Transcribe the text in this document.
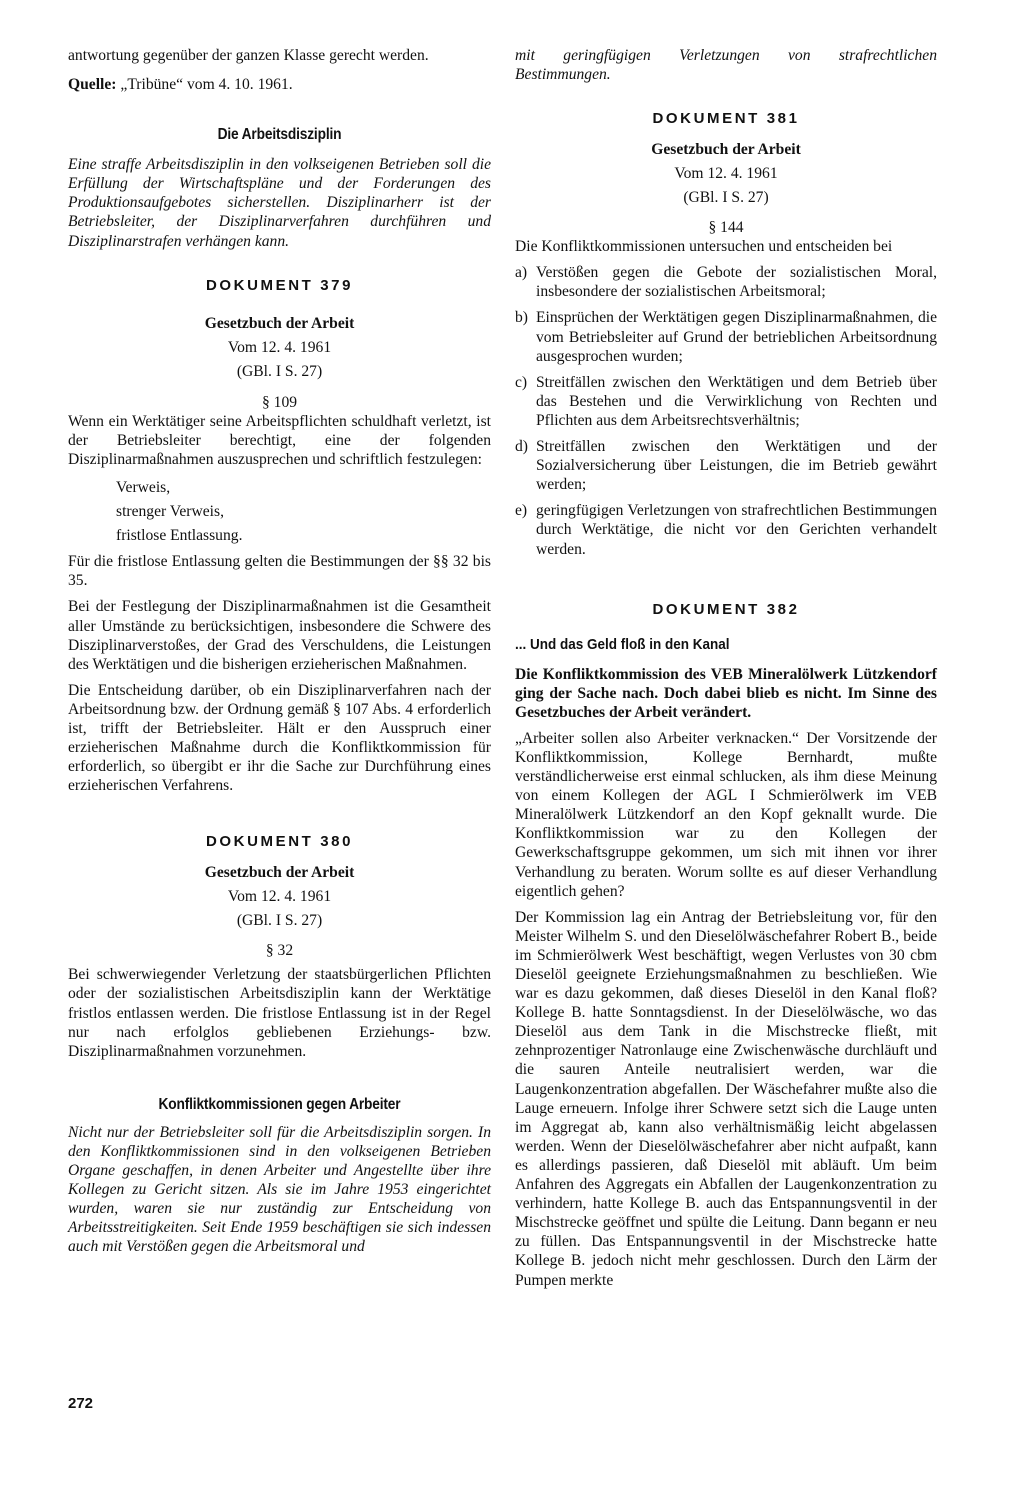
antwortung gegenüber der ganzen Klasse gerecht werden.

Quelle: „Tribüne“ vom 4. 10. 1961.

Die Arbeitsdisziplin

Eine straffe Arbeitsdisziplin in den volkseigenen Betrieben soll die Erfüllung der Wirtschaftspläne und der Forderungen des Produktionsaufgebotes sicherstellen. Disziplinarherr ist der Betriebsleiter, der Disziplinarverfahren durchführen und Disziplinarstrafen verhängen kann.

DOKUMENT 379

Gesetzbuch der Arbeit

Vom 12. 4. 1961

(GBl. I S. 27)

§ 109

Wenn ein Werktätiger seine Arbeitspflichten schuldhaft verletzt, ist der Betriebsleiter berechtigt, eine der folgenden Disziplinarmaßnahmen auszusprechen und schriftlich festzulegen:

Verweis,

strenger Verweis,

fristlose Entlassung.

Für die fristlose Entlassung gelten die Bestimmungen der §§ 32 bis 35.

Bei der Festlegung der Disziplinarmaßnahmen ist die Gesamtheit aller Umstände zu berücksichtigen, insbesondere die Schwere des Disziplinarverstoßes, der Grad des Verschuldens, die Leistungen des Werktätigen und die bisherigen erzieherischen Maßnahmen.

Die Entscheidung darüber, ob ein Disziplinarverfahren nach der Arbeitsordnung bzw. der Ordnung gemäß § 107 Abs. 4 erforderlich ist, trifft der Betriebsleiter. Hält er den Ausspruch einer erzieherischen Maßnahme durch die Konfliktkommission für erforderlich, so übergibt er ihr die Sache zur Durchführung eines erzieherischen Verfahrens.

DOKUMENT 380

Gesetzbuch der Arbeit

Vom 12. 4. 1961

(GBl. I S. 27)

§ 32

Bei schwerwiegender Verletzung der staatsbürgerlichen Pflichten oder der sozialistischen Arbeitsdisziplin kann der Werktätige fristlos entlassen werden. Die fristlose Entlassung ist in der Regel nur nach erfolglos gebliebenen Erziehungs- bzw. Disziplinarmaßnahmen vorzunehmen.

Konfliktkommissionen gegen Arbeiter

Nicht nur der Betriebsleiter soll für die Arbeitsdisziplin sorgen. In den Konfliktkommissionen sind in den volkseigenen Betrieben Organe geschaffen, in denen Arbeiter und Angestellte über ihre Kollegen zu Gericht sitzen. Als sie im Jahre 1953 eingerichtet wurden, waren sie nur zuständig zur Entscheidung von Arbeitsstreitigkeiten. Seit Ende 1959 beschäftigen sie sich indessen auch mit Verstößen gegen die Arbeitsmoral und

mit geringfügigen Verletzungen von strafrechtlichen Bestimmungen.

DOKUMENT 381

Gesetzbuch der Arbeit

Vom 12. 4. 1961

(GBl. I S. 27)

§ 144

Die Konfliktkommissionen untersuchen und entscheiden bei

a) Verstößen gegen die Gebote der sozialistischen Moral, insbesondere der sozialistischen Arbeitsmoral;
b) Einsprüchen der Werktätigen gegen Disziplinarmaßnahmen, die vom Betriebsleiter auf Grund der betrieblichen Arbeitsordnung ausgesprochen wurden;
c) Streitfällen zwischen den Werktätigen und dem Betrieb über das Bestehen und die Verwirklichung von Rechten und Pflichten aus dem Arbeitsrechtsverhältnis;
d) Streitfällen zwischen den Werktätigen und der Sozialversicherung über Leistungen, die im Betrieb gewährt werden;
e) geringfügigen Verletzungen von strafrechtlichen Bestimmungen durch Werktätige, die nicht vor den Gerichten verhandelt werden.
DOKUMENT 382
... Und das Geld floß in den Kanal

Die Konfliktkommission des VEB Mineralölwerk Lützkendorf ging der Sache nach. Doch dabei blieb es nicht. Im Sinne des Gesetzbuches der Arbeit verändert.

„Arbeiter sollen also Arbeiter verknacken.“ Der Vorsitzende der Konfliktkommission, Kollege Bernhardt, mußte verständlicherweise erst einmal schlucken, als ihm diese Meinung von einem Kollegen der AGL I Schmierölwerk im VEB Mineralölwerk Lützkendorf an den Kopf geknallt wurde. Die Konfliktkommission war zu den Kollegen der Gewerkschaftsgruppe gekommen, um sich mit ihnen vor ihrer Verhandlung zu beraten. Worum sollte es auf dieser Verhandlung eigentlich gehen?

Der Kommission lag ein Antrag der Betriebsleitung vor, für den Meister Wilhelm S. und den Dieselölwäschefahrer Robert B., beide im Schmierölwerk West beschäftigt, wegen Verlustes von 30 cbm Dieselöl geeignete Erziehungsmaßnahmen zu beschließen. Wie war es dazu gekommen, daß dieses Dieselöl in den Kanal floß? Kollege B. hatte Sonntagsdienst. In der Dieselölwäsche, wo das Dieselöl aus dem Tank in die Mischstrecke fließt, mit zehnprozentiger Natronlauge eine Zwischenwäsche durchläuft und die sauren Anteile neutralisiert werden, war die Laugenkonzentration abgefallen. Der Wäschefahrer mußte also die Lauge erneuern. Infolge ihrer Schwere setzt sich die Lauge unten im Aggregat ab, kann also verhältnismäßig leicht abgelassen werden. Wenn der Dieselölwäschefahrer aber nicht aufpaßt, kann es allerdings passieren, daß Dieselöl mit abläuft. Um beim Anfahren des Aggregats ein Abfallen der Laugenkonzentration zu verhindern, hatte Kollege B. auch das Entspannungsventil in der Mischstrecke geöffnet und spülte die Leitung. Dann begann er neu zu füllen. Das Entspannungsventil in der Mischstrecke hatte Kollege B. jedoch nicht mehr geschlossen. Durch den Lärm der Pumpen merkte

272
